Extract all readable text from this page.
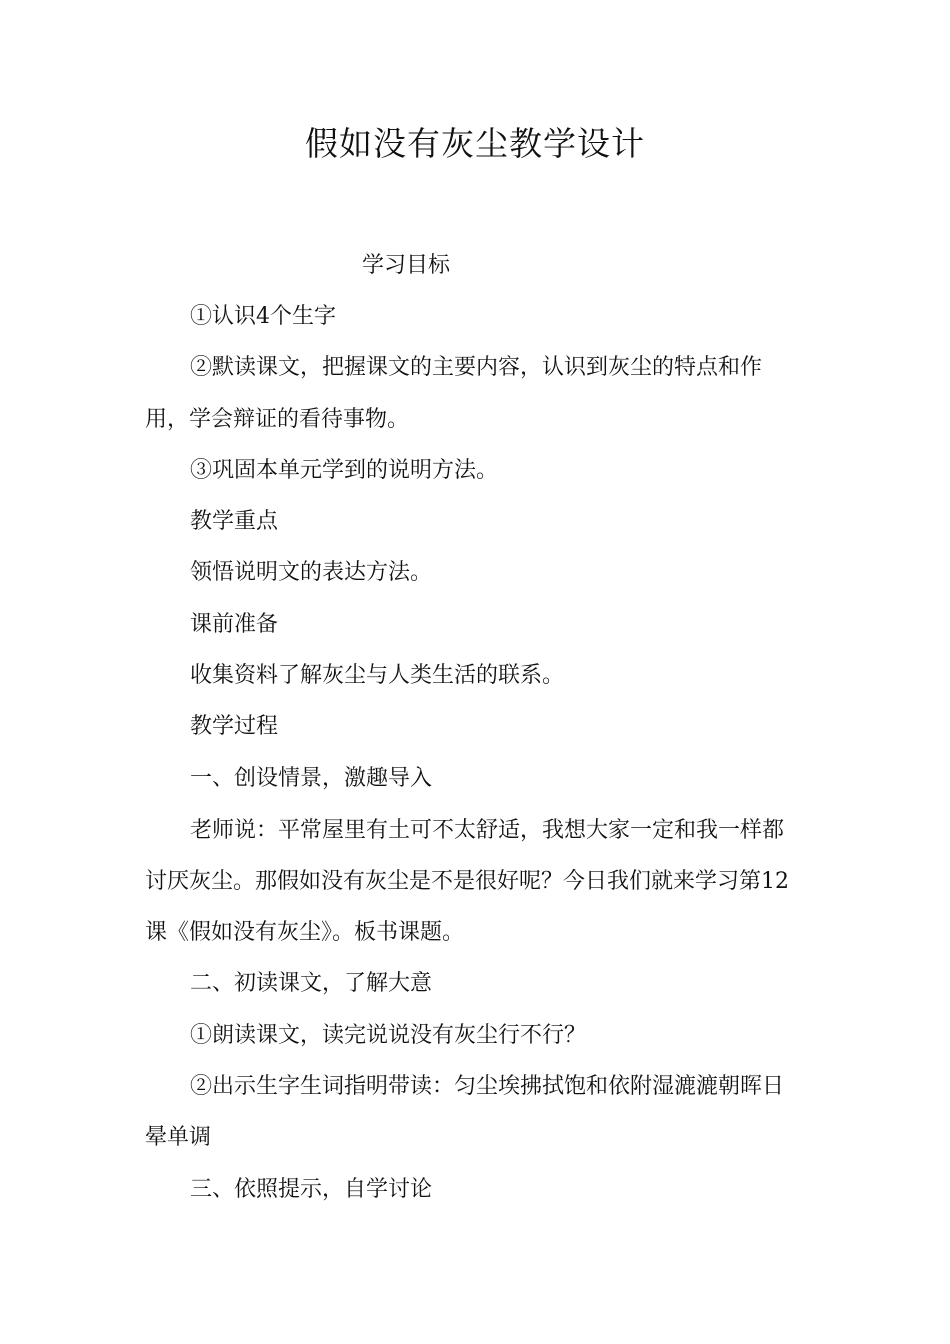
假如没有灰尘教学设计
学习目标
①认识4个生字
②默读课文，把握课文的主要内容，认识到灰尘的特点和作
用，学会辩证的看待事物。
③巩固本单元学到的说明方法。
教学重点
领悟说明文的表达方法。
课前准备
收集资料了解灰尘与人类生活的联系。
教学过程
一、创设情景，激趣导入
老师说：平常屋里有土可不太舒适，我想大家一定和我一样都
讨厌灰尘。那假如没有灰尘是不是很好呢？今日我们就来学习第12
课《假如没有灰尘》。板书课题。
二、初读课文，了解大意
①朗读课文，读完说说没有灰尘行不行？
②出示生字生词指明带读：匀尘埃拂拭饱和依附湿漉漉朝晖日
晕单调
三、依照提示，自学讨论
